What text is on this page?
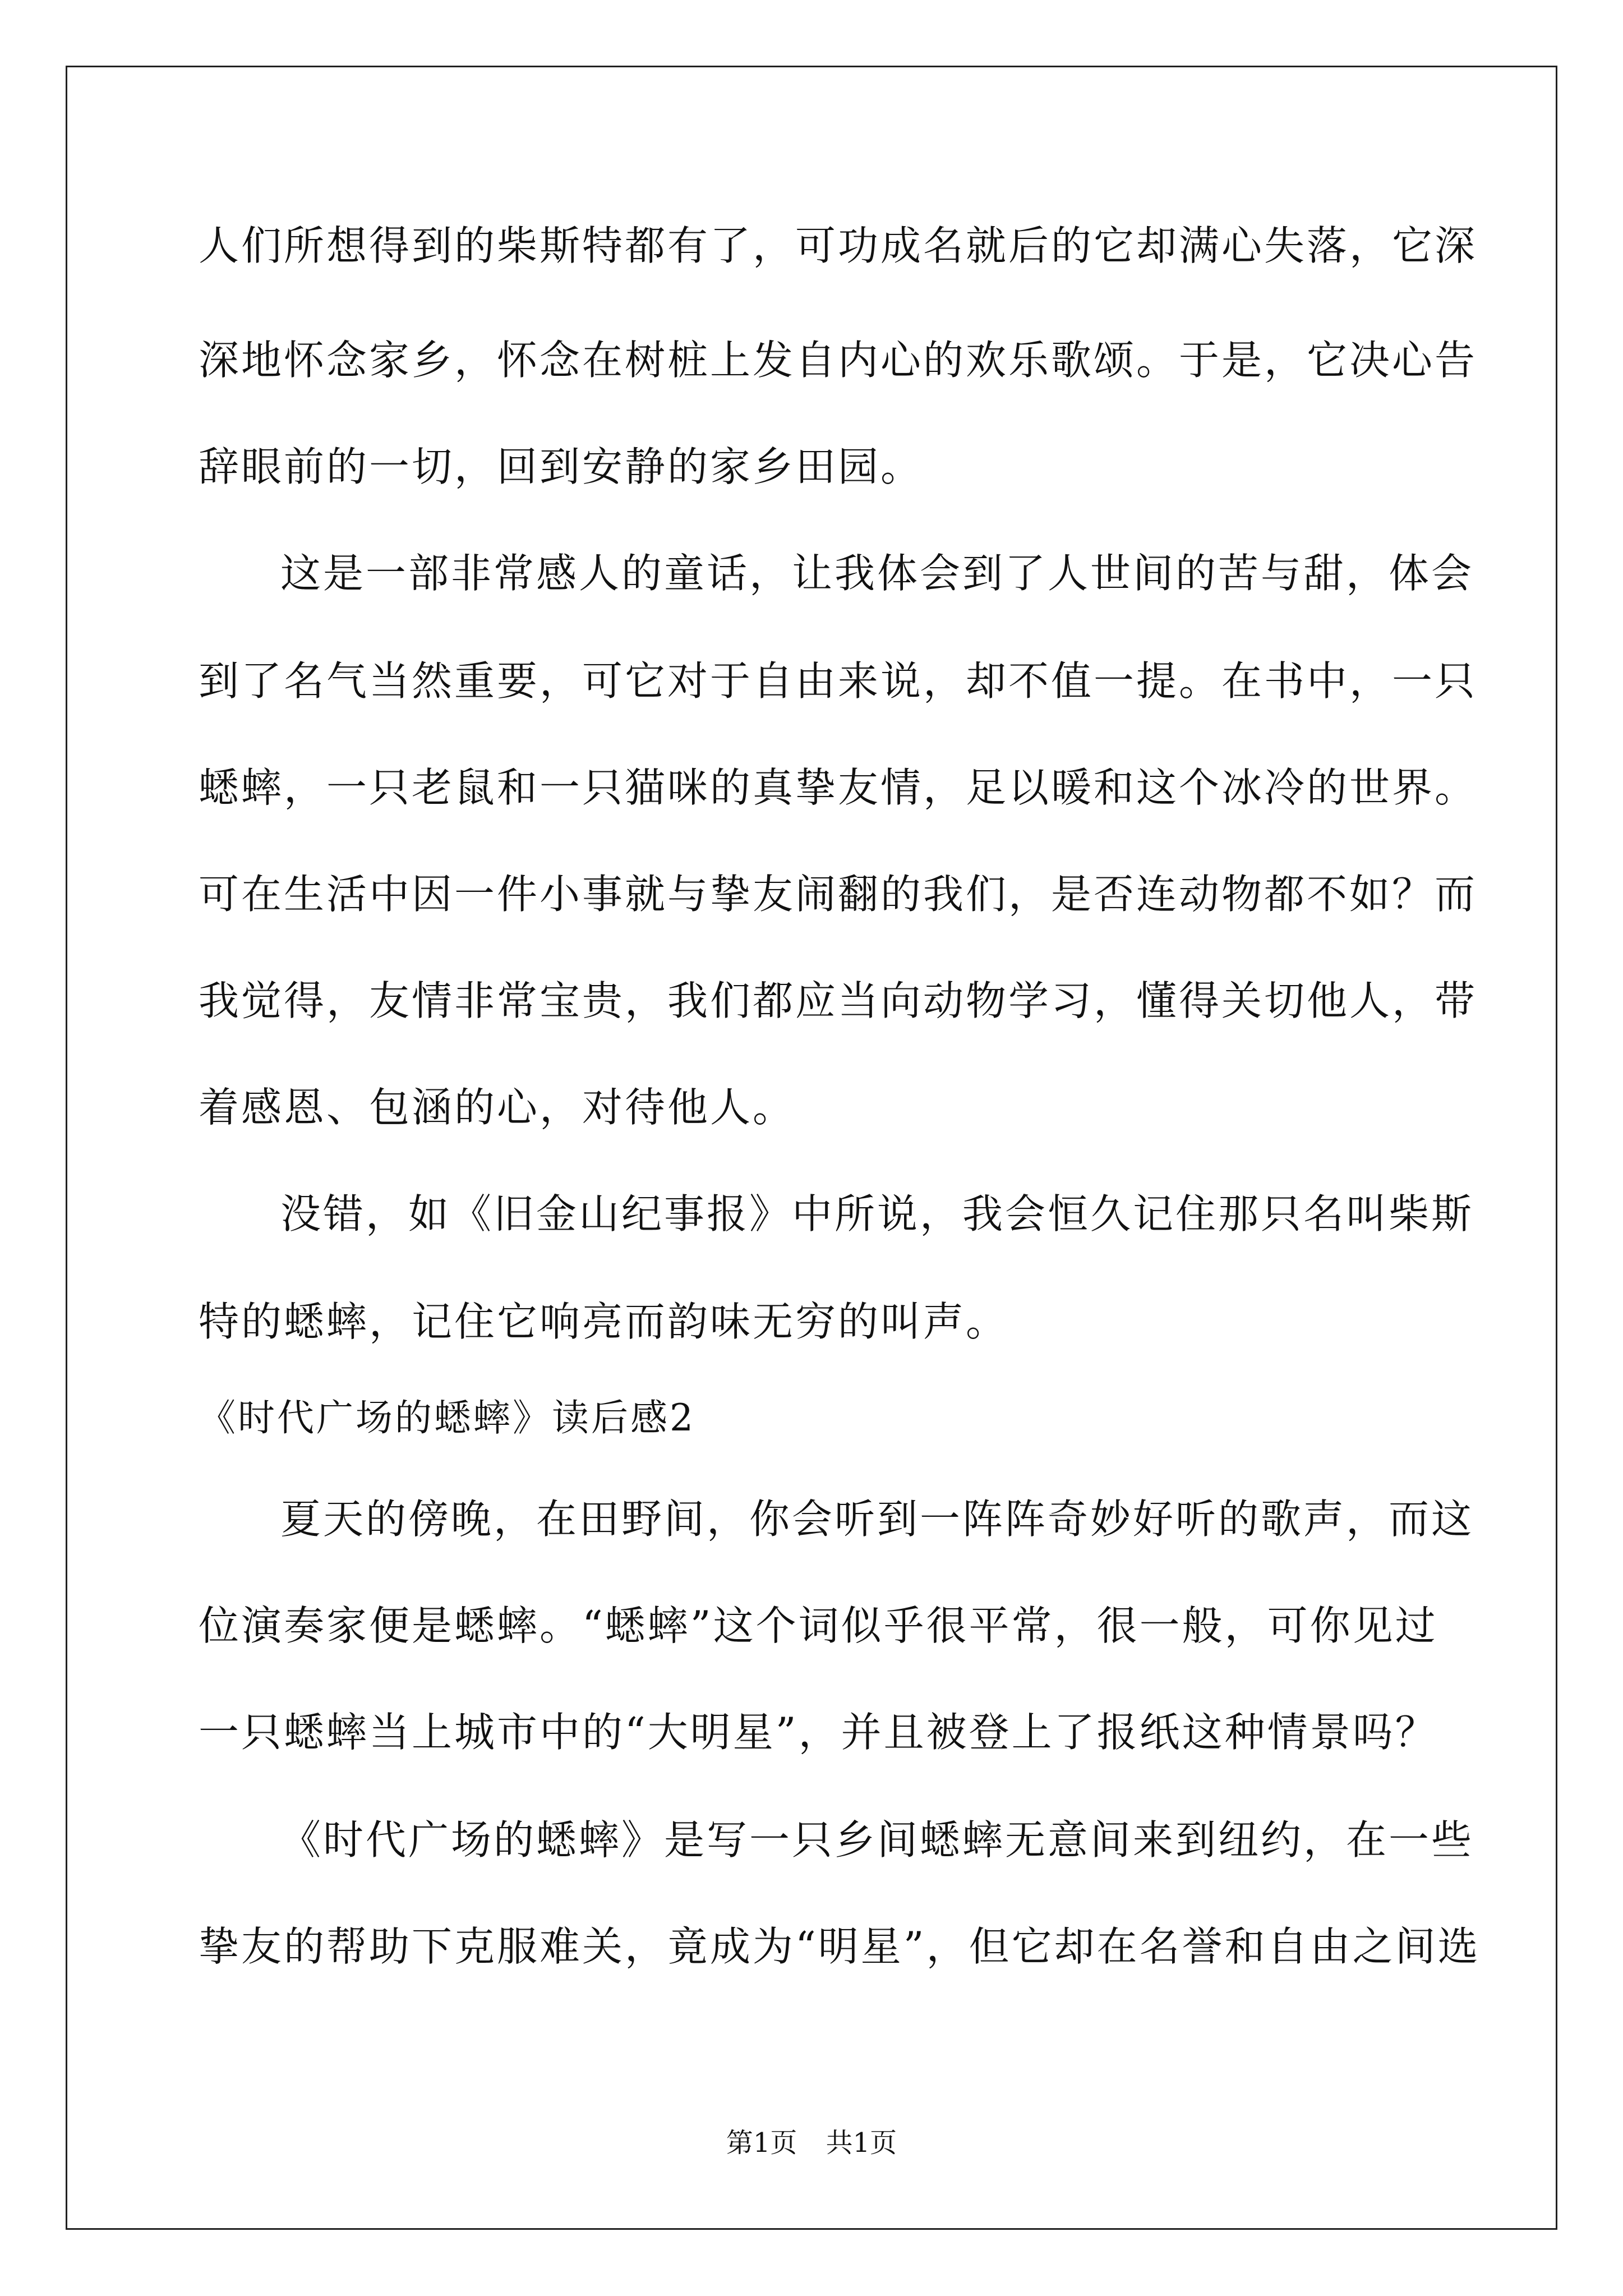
人们所想得到的柴斯特都有了，可功成名就后的它却满心失落，它深
深地怀念家乡，怀念在树桩上发自内心的欢乐歌颂。于是，它决心告
辞眼前的一切，回到安静的家乡田园。
这是一部非常感人的童话，让我体会到了人世间的苦与甜，体会
到了名气当然重要，可它对于自由来说，却不值一提。在书中，一只
蟋蟀，一只老鼠和一只猫咪的真挚友情，足以暖和这个冰冷的世界。
可在生活中因一件小事就与挚友闹翻的我们，是否连动物都不如？而
我觉得，友情非常宝贵，我们都应当向动物学习，懂得关切他人，带
着感恩、包涵的心，对待他人。
没错，如《旧金山纪事报》中所说，我会恒久记住那只名叫柴斯
特的蟋蟀，记住它响亮而韵味无穷的叫声。
《时代广场的蟋蟀》读后感2
夏天的傍晚，在田野间，你会听到一阵阵奇妙好听的歌声，而这
位演奏家便是蟋蟀。“蟋蟀”这个词似乎很平常，很一般，可你见过
一只蟋蟀当上城市中的“大明星”，并且被登上了报纸这种情景吗？
《时代广场的蟋蟀》是写一只乡间蟋蟀无意间来到纽约，在一些
挚友的帮助下克服难关，竟成为“明星”，但它却在名誉和自由之间选
第1页 共1页
